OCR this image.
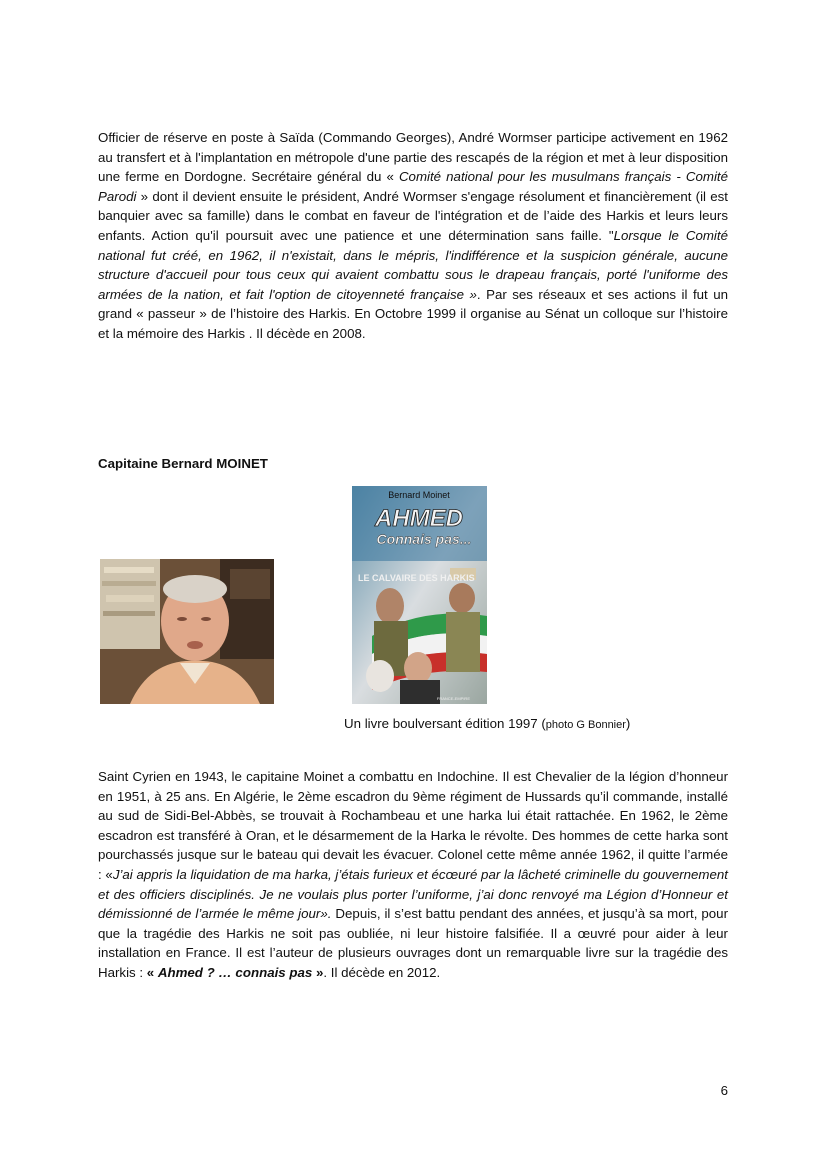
Officier de réserve en poste à Saïda (Commando Georges), André Wormser participe activement en 1962 au transfert et à l'implantation en métropole d'une partie des rescapés de la région et met à leur disposition une ferme en Dordogne. Secrétaire général du « Comité national pour les musulmans français - Comité Parodi » dont il devient ensuite le président, André Wormser s'engage résolument et financièrement (il est banquier avec sa famille) dans le combat en faveur de l'intégration et de l’aide des Harkis et leurs leurs enfants. Action qu'il poursuit avec une patience et une détermination sans faille. "Lorsque le Comité national fut créé, en 1962, il n'existait, dans le mépris, l'indifférence et la suspicion générale, aucune structure d'accueil pour tous ceux qui avaient combattu sous le drapeau français, porté l'uniforme des armées de la nation, et fait l'option de citoyenneté française ». Par ses réseaux et ses actions il fut un grand « passeur » de l’histoire des Harkis. En Octobre 1999 il organise au Sénat un colloque sur l’histoire et la mémoire des Harkis . Il décède en 2008.

Capitaine Bernard MOINET

Bernard Moinet
AHMED
Connais pas...
LE CALVAIRE DES HARKIS
FRANCE-EMPIRE

Un livre boulversant édition 1997 (photo G Bonnier)

Saint Cyrien en 1943, le capitaine Moinet a combattu en Indochine. Il est Chevalier de la légion d’honneur en 1951, à 25 ans. En Algérie, le 2ème escadron du 9ème régiment de Hussards qu’il commande, installé au sud de Sidi-Bel-Abbès, se trouvait à Rochambeau et une harka lui était rattachée. En 1962, le 2ème escadron est transféré à Oran, et le désarmement de la Harka le révolte. Des hommes de cette harka sont pourchassés jusque sur le bateau qui devait les évacuer. Colonel cette même année 1962, il quitte l’armée : «J’ai appris la liquidation de ma harka, j’étais furieux et écœuré par la lâcheté criminelle du gouvernement et des officiers disciplinés. Je ne voulais plus porter l’uniforme, j’ai donc renvoyé ma Légion d’Honneur et démissionné de l’armée le même jour». Depuis, il s’est battu pendant des années, et jusqu’à sa mort, pour que la tragédie des Harkis ne soit pas oubliée, ni leur histoire falsifiée. Il a œuvré pour aider à leur installation en France. Il est l’auteur de plusieurs ouvrages dont un remarquable livre sur la tragédie des Harkis : « Ahmed ? … connais pas ». Il décède en 2012.

6
